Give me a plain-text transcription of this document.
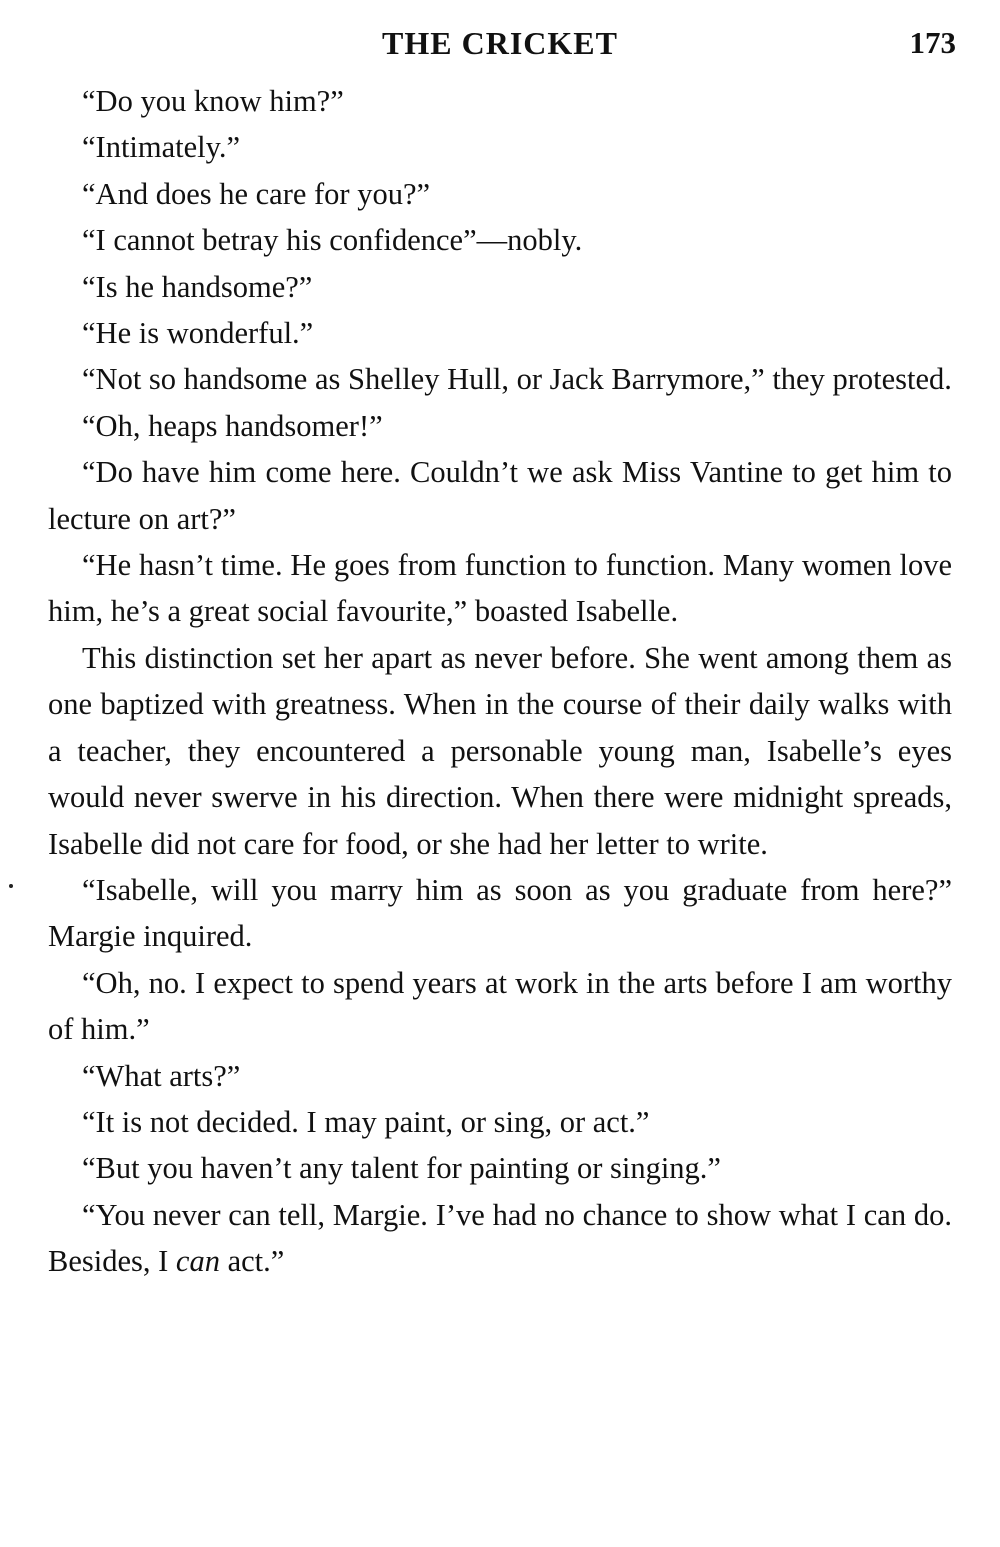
THE CRICKET	173

“Do you know him?”

“Intimately.”

“And does he care for you?”

“I cannot betray his confidence”—nobly.

“Is he handsome?”

“He is wonderful.”

“Not so handsome as Shelley Hull, or Jack Barrymore,” they protested.

“Oh, heaps handsomer!”

“Do have him come here. Couldn’t we ask Miss Vantine to get him to lecture on art?”

“He hasn’t time. He goes from function to function. Many women love him, he’s a great social favourite,” boasted Isabelle.

This distinction set her apart as never before. She went among them as one baptized with greatness. When in the course of their daily walks with a teacher, they encountered a personable young man, Isabelle’s eyes would never swerve in his direction. When there were midnight spreads, Isabelle did not care for food, or she had her letter to write.

“Isabelle, will you marry him as soon as you graduate from here?” Margie inquired.

“Oh, no. I expect to spend years at work in the arts before I am worthy of him.”

“What arts?”

“It is not decided. I may paint, or sing, or act.”

“But you haven’t any talent for painting or singing.”

“You never can tell, Margie. I’ve had no chance to show what I can do. Besides, I can act.”
